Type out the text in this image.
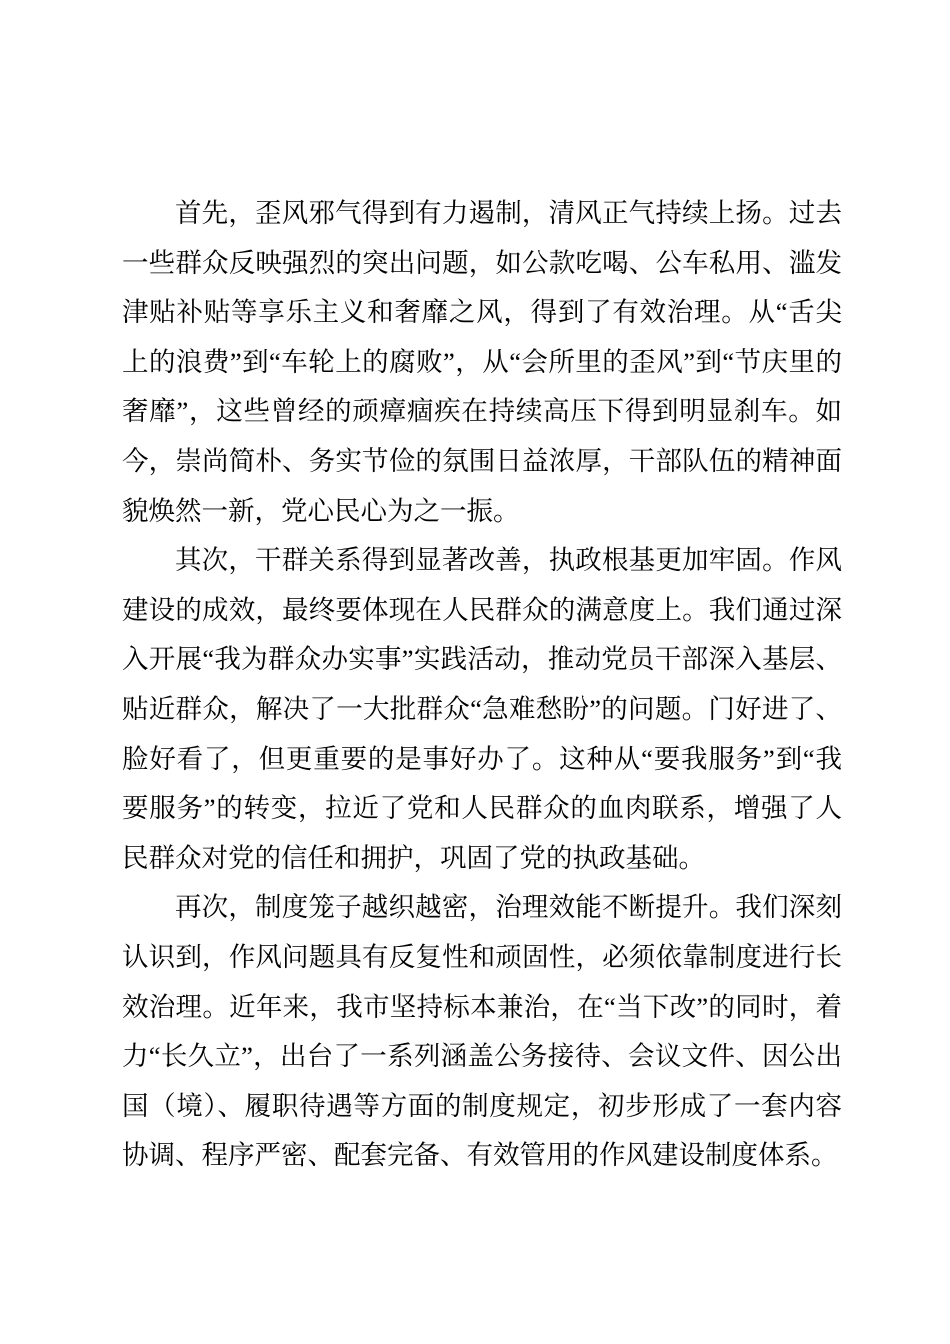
首先，歪风邪气得到有力遏制，清风正气持续上扬。过去一些群众反映强烈的突出问题，如公款吃喝、公车私用、滥发津贴补贴等享乐主义和奢靡之风，得到了有效治理。从“舌尖上的浪费”到“车轮上的腐败”，从“会所里的歪风”到“节庆里的奢靡”，这些曾经的顽瘴痼疾在持续高压下得到明显刹车。如今，崇尚简朴、务实节俭的氛围日益浓厚，干部队伍的精神面貌焕然一新，党心民心为之一振。

其次，干群关系得到显著改善，执政根基更加牢固。作风建设的成效，最终要体现在人民群众的满意度上。我们通过深入开展“我为群众办实事”实践活动，推动党员干部深入基层、贴近群众，解决了一大批群众“急难愁盼”的问题。门好进了、脸好看了，但更重要的是事好办了。这种从“要我服务”到“我要服务”的转变，拉近了党和人民群众的血肉联系，增强了人民群众对党的信任和拥护，巩固了党的执政基础。

再次，制度笼子越织越密，治理效能不断提升。我们深刻认识到，作风问题具有反复性和顽固性，必须依靠制度进行长效治理。近年来，我市坚持标本兼治，在“当下改”的同时，着力“长久立”，出台了一系列涵盖公务接待、会议文件、因公出国（境）、履职待遇等方面的制度规定，初步形成了一套内容协调、程序严密、配套完备、有效管用的作风建设制度体系。
